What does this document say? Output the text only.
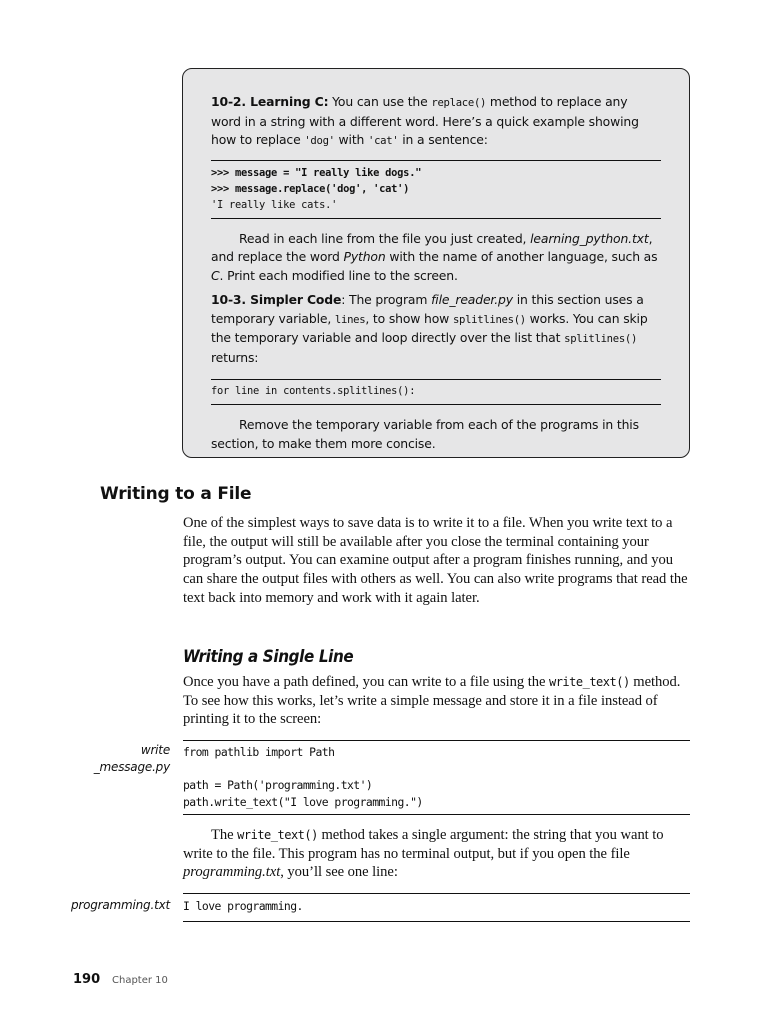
10-2. Learning C: You can use the replace() method to replace any word in a string with a different word. Here’s a quick example showing how to replace 'dog' with 'cat' in a sentence:

>>> message = "I really like dogs."
>>> message.replace('dog', 'cat')
'I really like cats.'

Read in each line from the file you just created, learning_python.txt, and replace the word Python with the name of another language, such as C. Print each modified line to the screen.

10-3. Simpler Code: The program file_reader.py in this section uses a temporary variable, lines, to show how splitlines() works. You can skip the temporary variable and loop directly over the list that splitlines() returns:

for line in contents.splitlines():

Remove the temporary variable from each of the programs in this section, to make them more concise.

Writing to a File

One of the simplest ways to save data is to write it to a file. When you write text to a file, the output will still be available after you close the terminal containing your program’s output. You can examine output after a program finishes running, and you can share the output files with others as well. You can also write programs that read the text back into memory and work with it again later.

Writing a Single Line

Once you have a path defined, you can write to a file using the write_text() method. To see how this works, let’s write a simple message and store it in a file instead of printing it to the screen:

write
_message.py
from pathlib import Path

path = Path('programming.txt')
path.write_text("I love programming.")

The write_text() method takes a single argument: the string that you want to write to the file. This program has no terminal output, but if you open the file programming.txt, you’ll see one line:

programming.txt I love programming.
190 Chapter 10
